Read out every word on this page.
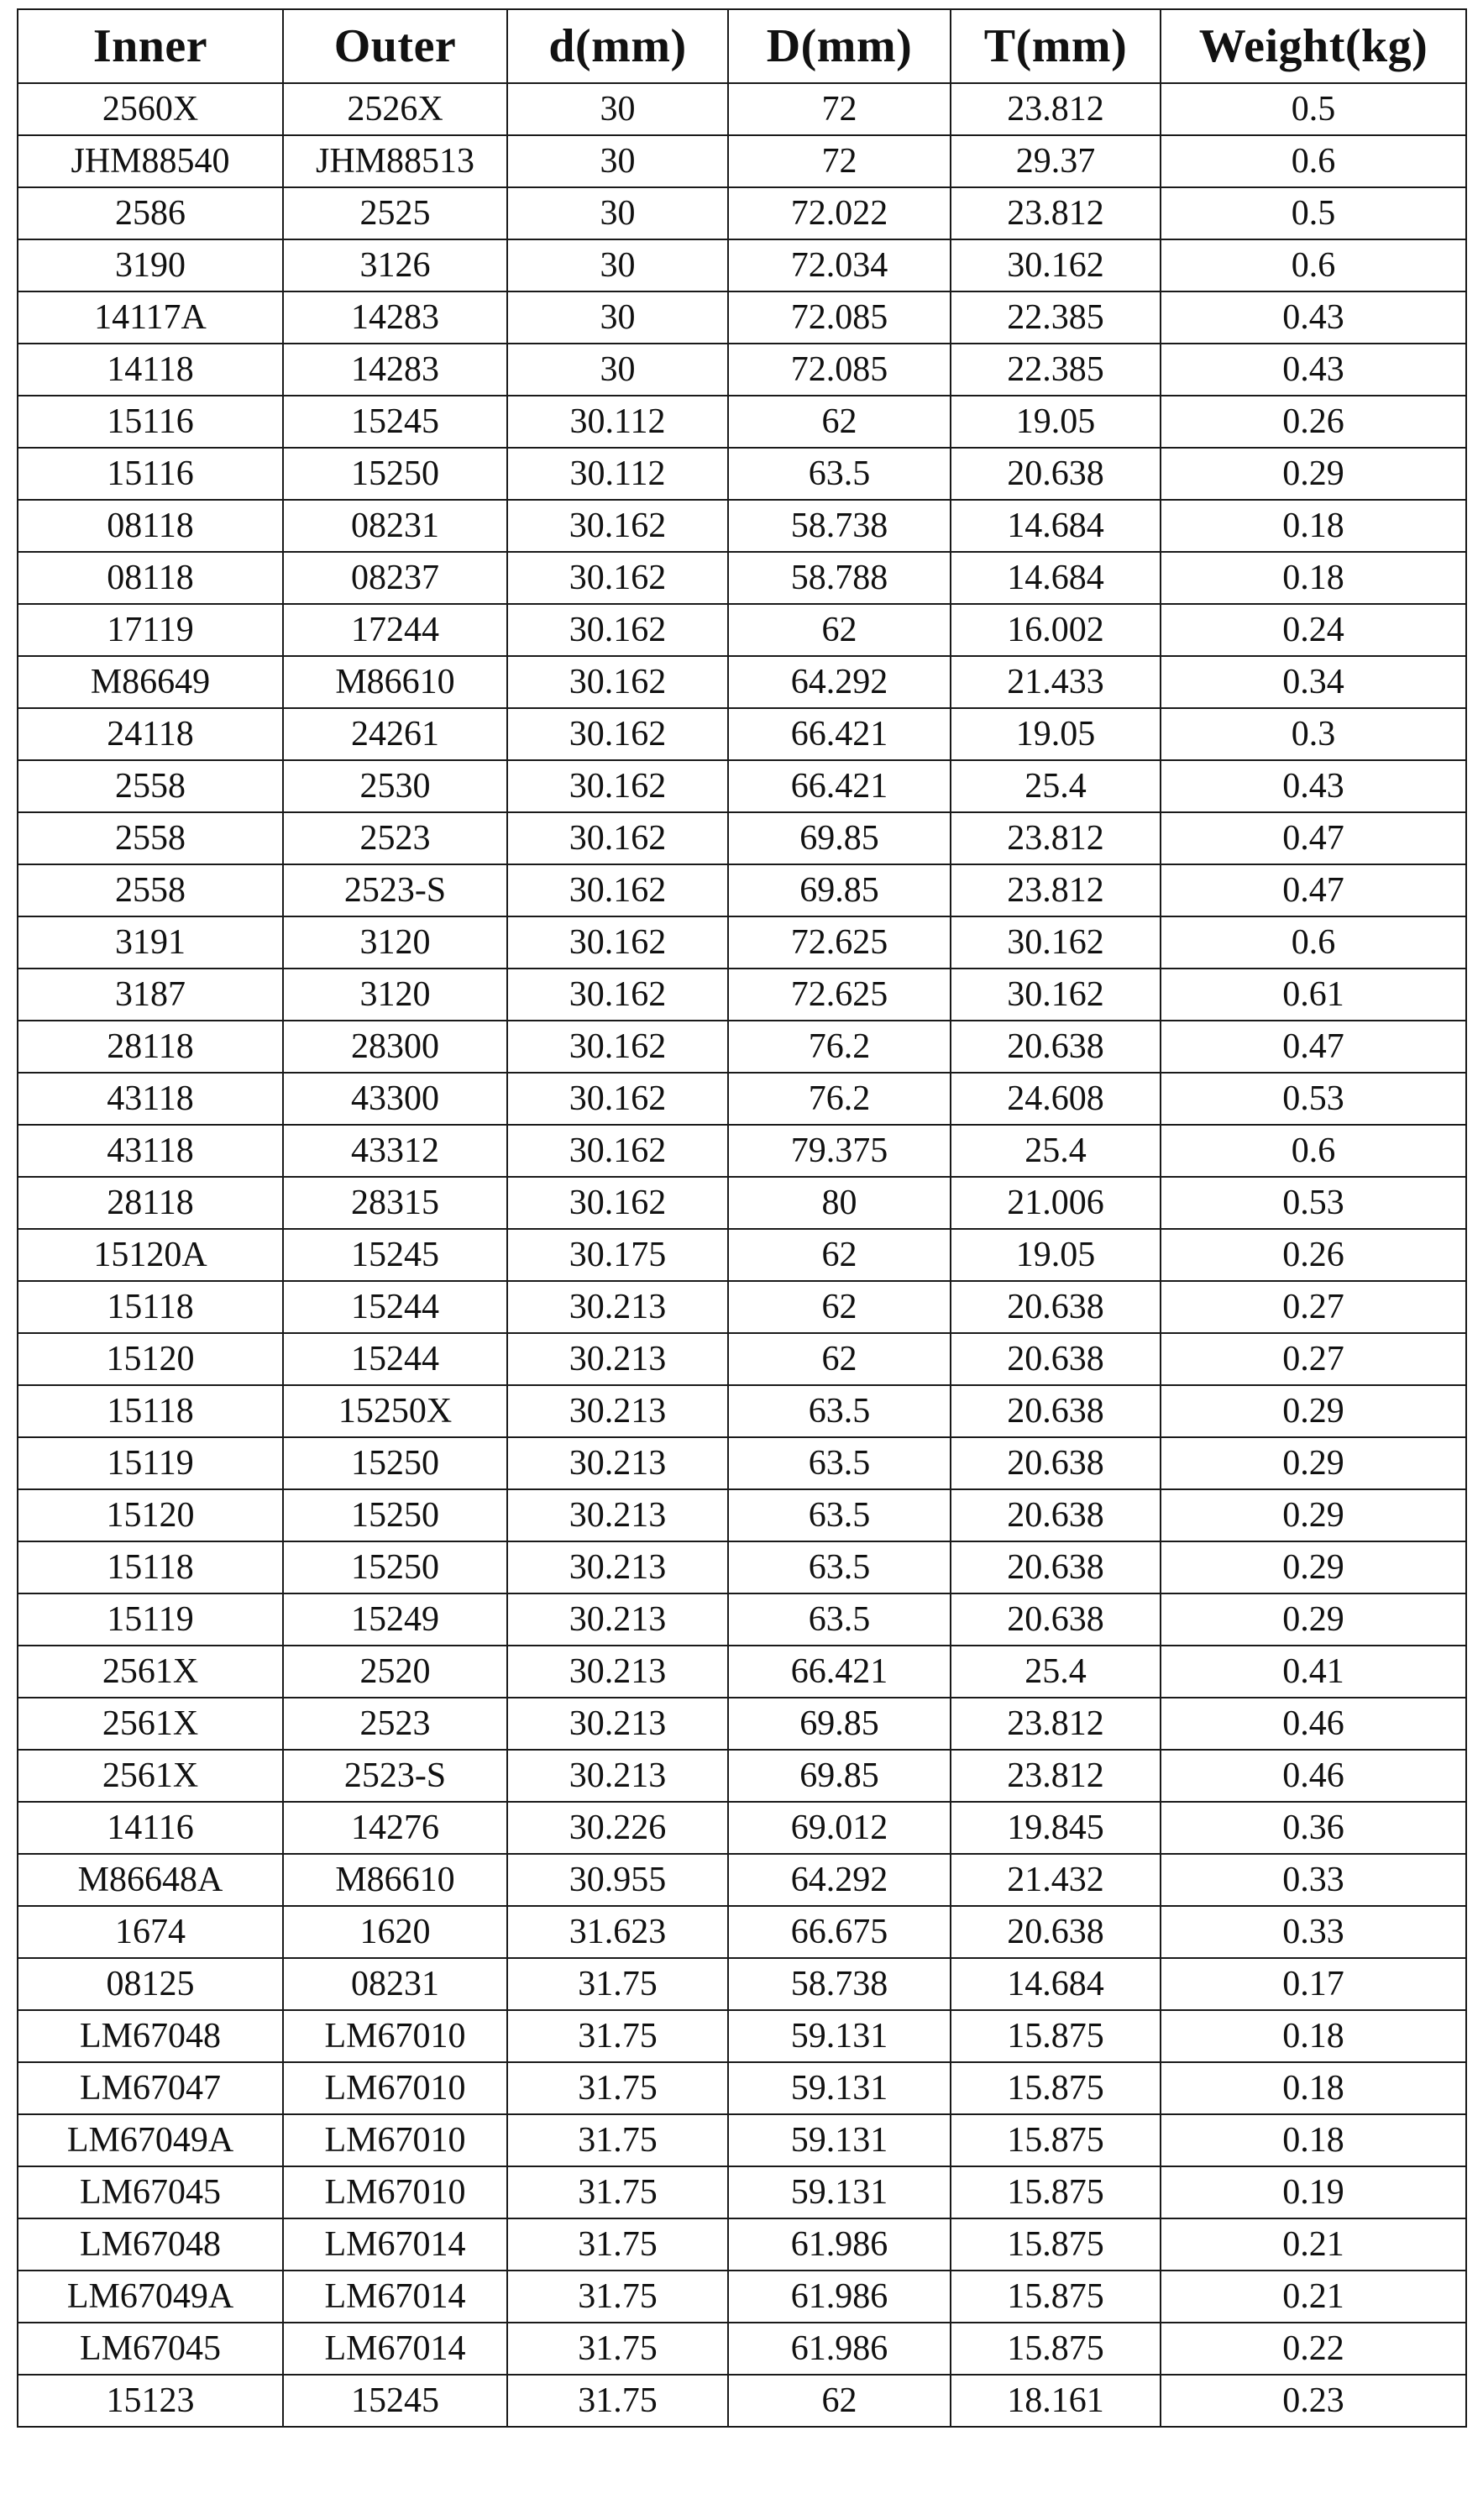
Inner	Outer	d(mm)	D(mm)	T(mm)	Weight(kg)
2560X	2526X	30	72	23.812	0.5
JHM88540	JHM88513	30	72	29.37	0.6
2586	2525	30	72.022	23.812	0.5
3190	3126	30	72.034	30.162	0.6
14117A	14283	30	72.085	22.385	0.43
14118	14283	30	72.085	22.385	0.43
15116	15245	30.112	62	19.05	0.26
15116	15250	30.112	63.5	20.638	0.29
08118	08231	30.162	58.738	14.684	0.18
08118	08237	30.162	58.788	14.684	0.18
17119	17244	30.162	62	16.002	0.24
M86649	M86610	30.162	64.292	21.433	0.34
24118	24261	30.162	66.421	19.05	0.3
2558	2530	30.162	66.421	25.4	0.43
2558	2523	30.162	69.85	23.812	0.47
2558	2523-S	30.162	69.85	23.812	0.47
3191	3120	30.162	72.625	30.162	0.6
3187	3120	30.162	72.625	30.162	0.61
28118	28300	30.162	76.2	20.638	0.47
43118	43300	30.162	76.2	24.608	0.53
43118	43312	30.162	79.375	25.4	0.6
28118	28315	30.162	80	21.006	0.53
15120A	15245	30.175	62	19.05	0.26
15118	15244	30.213	62	20.638	0.27
15120	15244	30.213	62	20.638	0.27
15118	15250X	30.213	63.5	20.638	0.29
15119	15250	30.213	63.5	20.638	0.29
15120	15250	30.213	63.5	20.638	0.29
15118	15250	30.213	63.5	20.638	0.29
15119	15249	30.213	63.5	20.638	0.29
2561X	2520	30.213	66.421	25.4	0.41
2561X	2523	30.213	69.85	23.812	0.46
2561X	2523-S	30.213	69.85	23.812	0.46
14116	14276	30.226	69.012	19.845	0.36
M86648A	M86610	30.955	64.292	21.432	0.33
1674	1620	31.623	66.675	20.638	0.33
08125	08231	31.75	58.738	14.684	0.17
LM67048	LM67010	31.75	59.131	15.875	0.18
LM67047	LM67010	31.75	59.131	15.875	0.18
LM67049A	LM67010	31.75	59.131	15.875	0.18
LM67045	LM67010	31.75	59.131	15.875	0.19
LM67048	LM67014	31.75	61.986	15.875	0.21
LM67049A	LM67014	31.75	61.986	15.875	0.21
LM67045	LM67014	31.75	61.986	15.875	0.22
15123	15245	31.75	62	18.161	0.23
